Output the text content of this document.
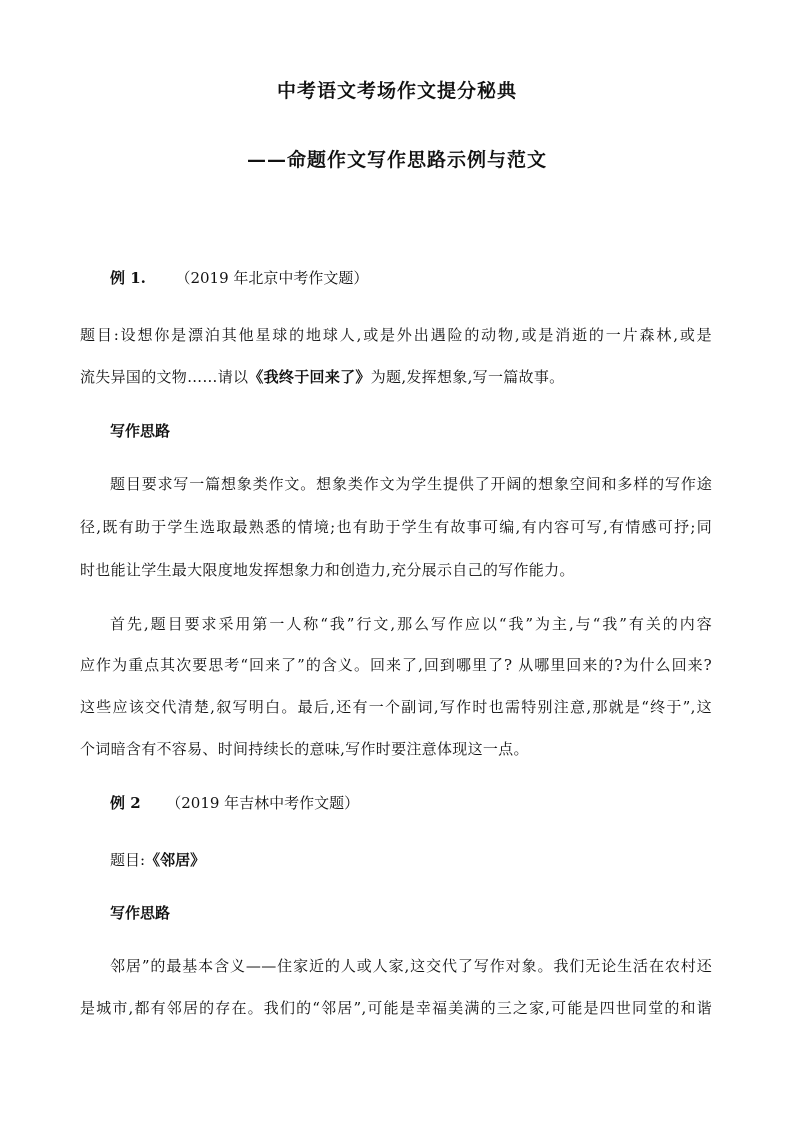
中考语文考场作文提分秘典
——命题作文写作思路示例与范文
例 1. （2019 年北京中考作文题）
题目:设想你是漂泊其他星球的地球人,或是外出遇险的动物,或是消逝的一片森林,或是
流失异国的文物……请以《我终于回来了》为题,发挥想象,写一篇故事。
写作思路
题目要求写一篇想象类作文。想象类作文为学生提供了开阔的想象空间和多样的写作途
径,既有助于学生选取最熟悉的情境;也有助于学生有故事可编,有内容可写,有情感可抒;同
时也能让学生最大限度地发挥想象力和创造力,充分展示自己的写作能力。
首先,题目要求采用第一人称“我”行文,那么写作应以“我”为主,与“我”有关的内容
应作为重点其次要思考“回来了”的含义。回来了,回到哪里了? 从哪里回来的?为什么回来?
这些应该交代清楚,叙写明白。最后,还有一个副词,写作时也需特别注意,那就是“终于”,这
个词暗含有不容易、时间持续长的意味,写作时要注意体现这一点。
例 2 （2019 年吉林中考作文题）
题目:《邻居》
写作思路
邻居”的最基本含义——住家近的人或人家,这交代了写作对象。我们无论生活在农村还
是城市,都有邻居的存在。我们的“邻居”,可能是幸福美满的三之家,可能是四世同堂的和谐
